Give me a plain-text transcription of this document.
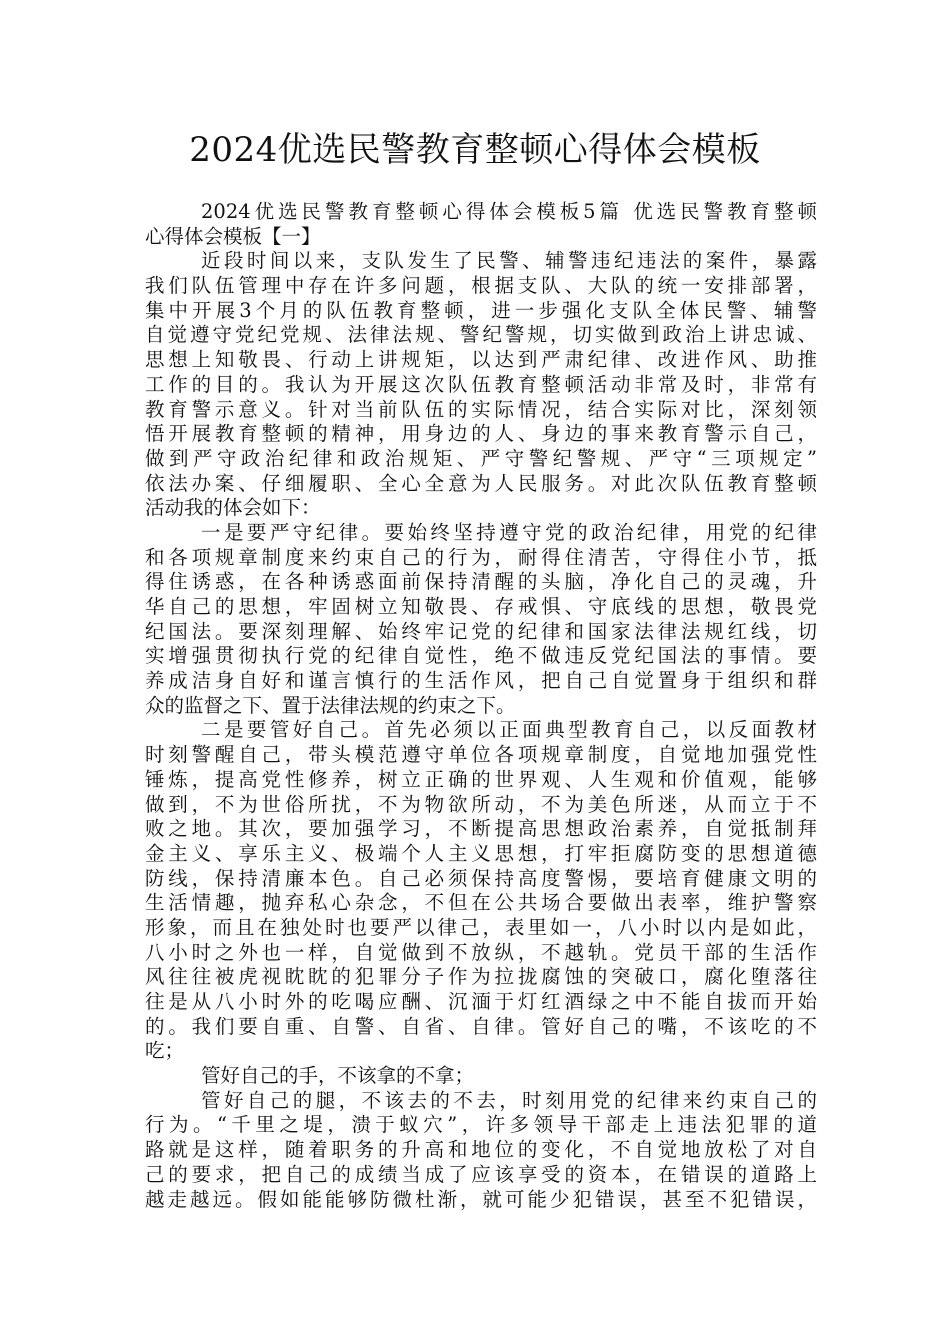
2024优选民警教育整顿心得体会模板
2024优选民警教育整顿心得体会模板5篇 优选民警教育整顿
心得体会模板【一】
近段时间以来，支队发生了民警、辅警违纪违法的案件，暴露
我们队伍管理中存在许多问题，根据支队、大队的统一安排部署，
集中开展3个月的队伍教育整顿，进一步强化支队全体民警、辅警
自觉遵守党纪党规、法律法规、警纪警规，切实做到政治上讲忠诚、
思想上知敬畏、行动上讲规矩，以达到严肃纪律、改进作风、助推
工作的目的。我认为开展这次队伍教育整顿活动非常及时，非常有
教育警示意义。针对当前队伍的实际情况，结合实际对比，深刻领
悟开展教育整顿的精神，用身边的人、身边的事来教育警示自己，
做到严守政治纪律和政治规矩、严守警纪警规、严守“三项规定”
依法办案、仔细履职、全心全意为人民服务。对此次队伍教育整顿
活动我的体会如下：
一是要严守纪律。要始终坚持遵守党的政治纪律，用党的纪律
和各项规章制度来约束自己的行为，耐得住清苦，守得住小节，抵
得住诱惑，在各种诱惑面前保持清醒的头脑，净化自己的灵魂，升
华自己的思想，牢固树立知敬畏、存戒惧、守底线的思想，敬畏党
纪国法。要深刻理解、始终牢记党的纪律和国家法律法规红线，切
实增强贯彻执行党的纪律自觉性，绝不做违反党纪国法的事情。要
养成洁身自好和谨言慎行的生活作风，把自己自觉置身于组织和群
众的监督之下、置于法律法规的约束之下。
二是要管好自己。首先必须以正面典型教育自己，以反面教材
时刻警醒自己，带头模范遵守单位各项规章制度，自觉地加强党性
锤炼，提高党性修养，树立正确的世界观、人生观和价值观，能够
做到，不为世俗所扰，不为物欲所动，不为美色所迷，从而立于不
败之地。其次，要加强学习，不断提高思想政治素养，自觉抵制拜
金主义、享乐主义、极端个人主义思想，打牢拒腐防变的思想道德
防线，保持清廉本色。自己必须保持高度警惕，要培育健康文明的
生活情趣，抛弃私心杂念，不但在公共场合要做出表率，维护警察
形象，而且在独处时也要严以律己，表里如一，八小时以内是如此，
八小时之外也一样，自觉做到不放纵，不越轨。党员干部的生活作
风往往被虎视眈眈的犯罪分子作为拉拢腐蚀的突破口，腐化堕落往
往是从八小时外的吃喝应酬、沉湎于灯红酒绿之中不能自拔而开始
的。我们要自重、自警、自省、自律。管好自己的嘴，不该吃的不
吃；
管好自己的手，不该拿的不拿；
管好自己的腿，不该去的不去，时刻用党的纪律来约束自己的
行为。“千里之堤，溃于蚁穴”，许多领导干部走上违法犯罪的道
路就是这样，随着职务的升高和地位的变化，不自觉地放松了对自
己的要求，把自己的成绩当成了应该享受的资本，在错误的道路上
越走越远。假如能能够防微杜渐，就可能少犯错误，甚至不犯错误，
